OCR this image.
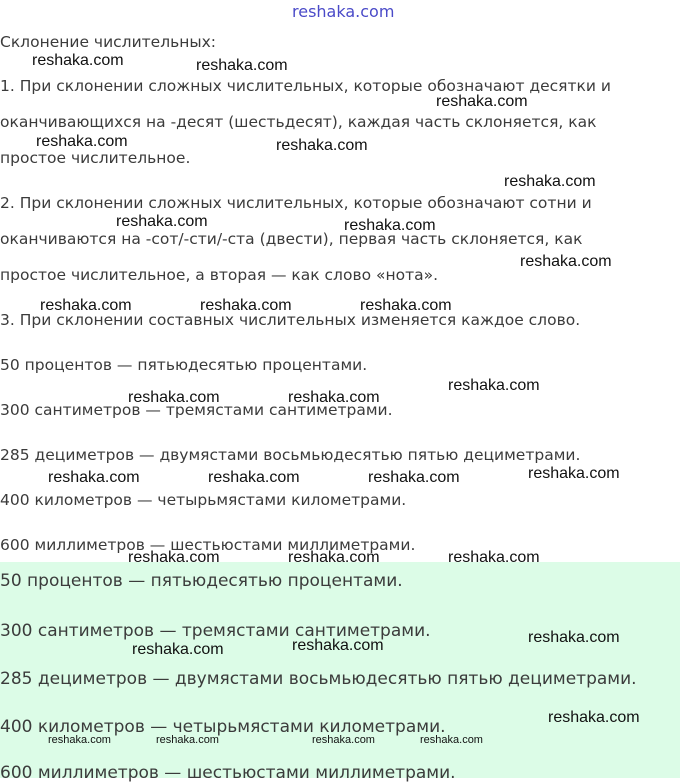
reshaka.com
Склонение числительных:
1. При склонении сложных числительных, которые обозначают десятки и
оканчивающихся на -десят (шестьдесят), каждая часть склоняется, как
простое числительное.
2. При склонении сложных числительных, которые обозначают сотни и
оканчиваются на -сот/-сти/-ста (двести), первая часть склоняется, как
простое числительное, а вторая — как слово «нота».
3. При склонении составных числительных изменяется каждое слово.
50 процентов — пятьюдесятью процентами.
300 сантиметров — тремястами сантиметрами.
285 дециметров — двумястами восьмьюдесятью пятью дециметрами.
400 километров — четырьмястами километрами.
600 миллиметров — шестьюстами миллиметрами.
50 процентов — пятьюдесятью процентами.
300 сантиметров — тремястами сантиметрами.
285 дециметров — двумястами восьмьюдесятью пятью дециметрами.
400 километров — четырьмястами километрами.
600 миллиметров — шестьюстами миллиметрами.
reshaka.com	reshaka.com
reshaka.com
reshaka.com	reshaka.com
reshaka.com
reshaka.com	reshaka.com
reshaka.com
reshaka.com	reshaka.com	reshaka.com
reshaka.com
reshaka.com	reshaka.com
reshaka.com	reshaka.com	reshaka.com	reshaka.com
reshaka.com	reshaka.com	reshaka.com
reshaka.com
reshaka.com	reshaka.com
reshaka.com
reshaka.com	reshaka.com	reshaka.com	reshaka.com
